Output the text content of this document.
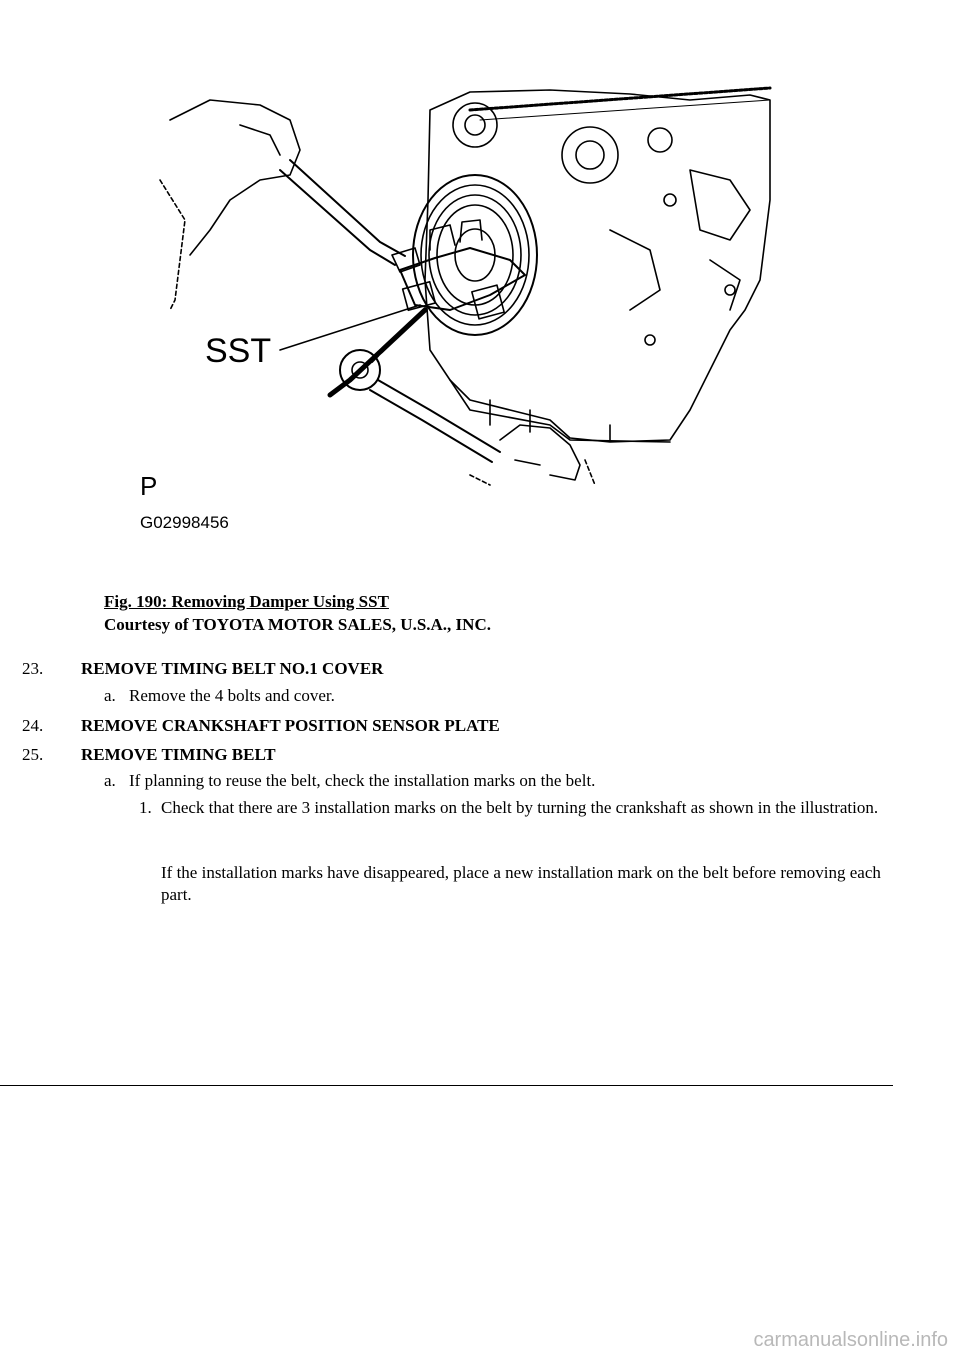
SST
P
G02998456
Fig. 190: Removing Damper Using SST
Courtesy of TOYOTA MOTOR SALES, U.S.A., INC.
23. REMOVE TIMING BELT NO.1 COVER
a. Remove the 4 bolts and cover.
24. REMOVE CRANKSHAFT POSITION SENSOR PLATE
25. REMOVE TIMING BELT
a. If planning to reuse the belt, check the installation marks on the belt.
1. Check that there are 3 installation marks on the belt by turning the crankshaft as shown in the illustration.
If the installation marks have disappeared, place a new installation mark on the belt before removing each part.
carmanualsonline.info
